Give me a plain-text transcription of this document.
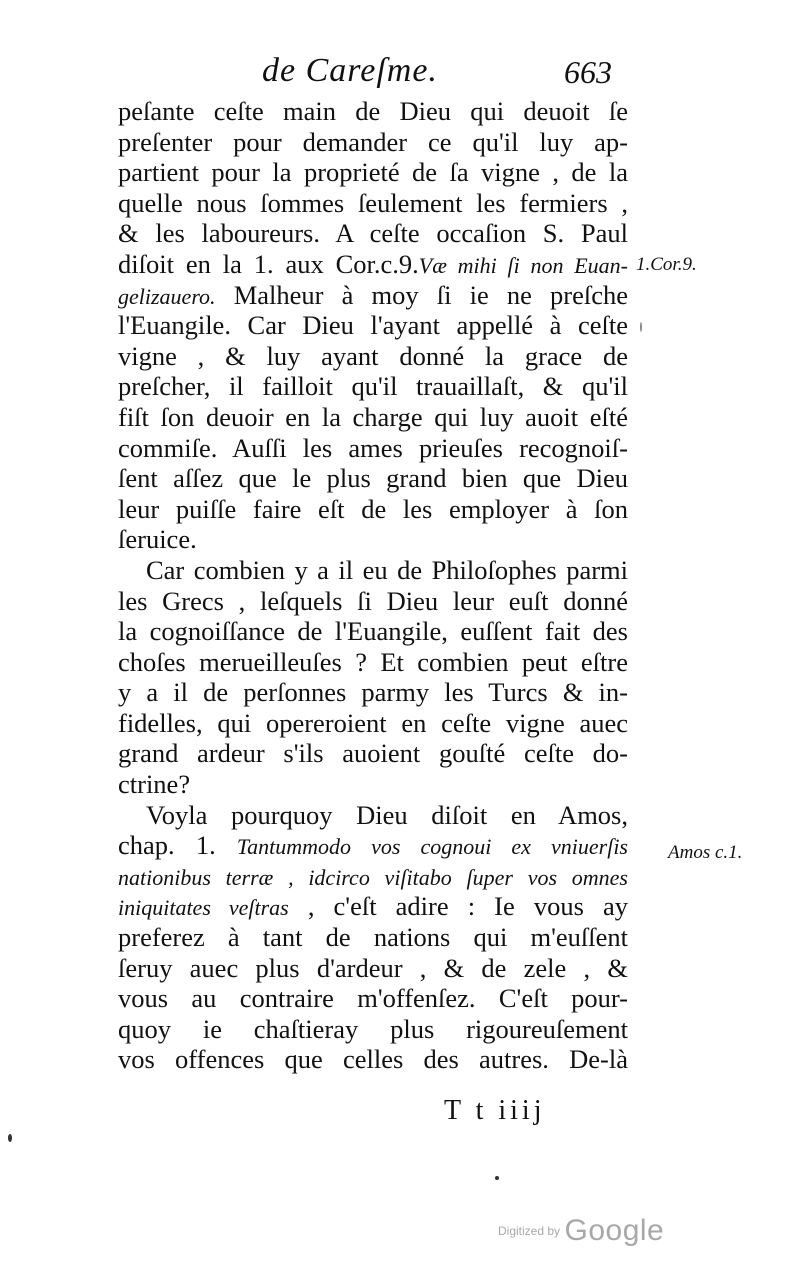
de Careſme.	663
peſante ceſte main de Dieu qui deuoit ſe
preſenter pour demander ce qu'il luy ap-
partient pour la proprieté de ſa vigne , de la
quelle nous ſommes ſeulement les fermiers ,
& les laboureurs. A ceſte occaſion S. Paul
diſoit en la 1. aux Cor.c.9.Væ mihi ſi non Euan-
gelizauero. Malheur à moy ſi ie ne preſche
l'Euangile. Car Dieu l'ayant appellé à ceſte
vigne , & luy ayant donné la grace de
preſcher, il failloit qu'il trauaillaſt, & qu'il
fiſt ſon deuoir en la charge qui luy auoit eſté
commiſe. Auſſi les ames prieuſes recognoiſ-
ſent aſſez que le plus grand bien que Dieu
leur puiſſe faire eſt de les employer à ſon
ſeruice.
Car combien y a il eu de Philoſophes parmi
les Grecs , leſquels ſi Dieu leur euſt donné
la cognoiſſance de l'Euangile, euſſent fait des
choſes merueilleuſes ? Et combien peut eſtre
y a il de perſonnes parmy les Turcs & in-
fidelles, qui opereroient en ceſte vigne auec
grand ardeur s'ils auoient gouſté ceſte do-
ctrine?
Voyla pourquoy Dieu diſoit en Amos,
chap. 1. Tantummodo vos cognoui ex vniuerſis
nationibus terræ , idcirco viſitabo ſuper vos omnes
iniquitates veſtras , c'eſt adire : Ie vous ay
preferez à tant de nations qui m'euſſent
ſeruy auec plus d'ardeur , & de zele , &
vous au contraire m'offenſez. C'eſt pour-
quoy ie chaſtieray plus rigoureuſement
vos offences que celles des autres. De-là
1.Cor.9.
Amos c.1.
T t iiij
Digitized by Google
